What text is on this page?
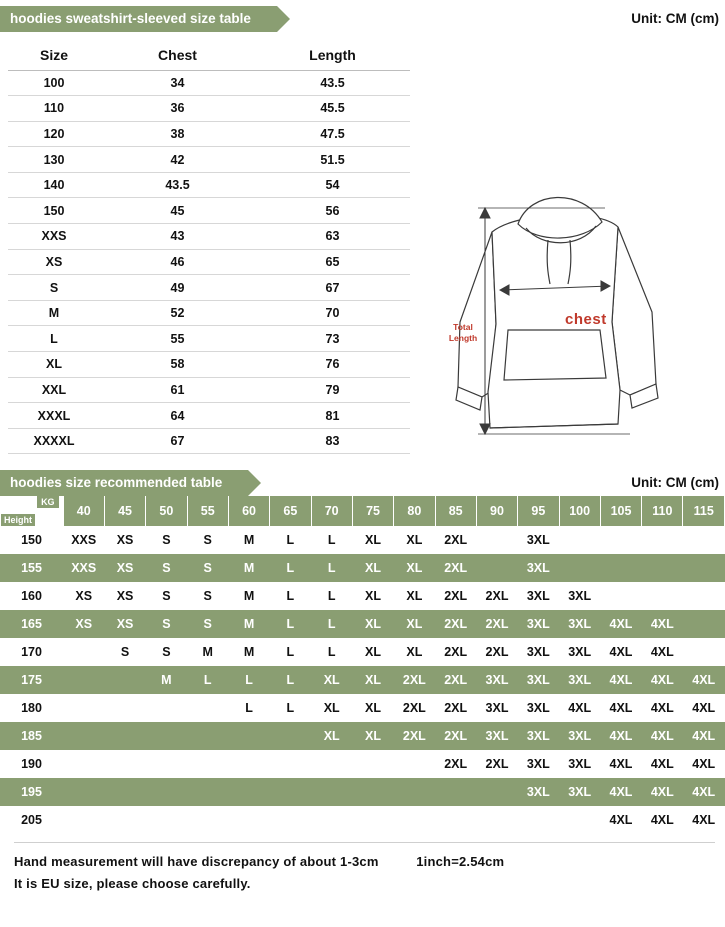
hoodies sweatshirt-sleeved size table	Unit: CM (cm)
Size	Chest	Length
100	34	43.5
110	36	45.5
120	38	47.5
130	42	51.5
140	43.5	54
150	45	56
XXS	43	63
XS	46	65
S	49	67
M	52	70
L	55	73
XL	58	76
XXL	61	79
XXXL	64	81
XXXXL	67	83
chest
Total
Length
hoodies size recommended table	Unit: CM (cm)
KG
Height	40	45	50	55	60	65	70	75	80	85	90	95	100	105	110	115
150	XXS	XS	S	S	M	L	L	XL	XL	2XL		3XL				
155	XXS	XS	S	S	M	L	L	XL	XL	2XL		3XL				
160	XS	XS	S	S	M	L	L	XL	XL	2XL	2XL	3XL	3XL			
165	XS	XS	S	S	M	L	L	XL	XL	2XL	2XL	3XL	3XL	4XL	4XL	
170		S	S	M	M	L	L	XL	XL	2XL	2XL	3XL	3XL	4XL	4XL	
175			M	L	L	L	XL	XL	2XL	2XL	3XL	3XL	3XL	4XL	4XL	4XL
180					L	L	XL	XL	2XL	2XL	3XL	3XL	4XL	4XL	4XL	4XL
185							XL	XL	2XL	2XL	3XL	3XL	3XL	4XL	4XL	4XL
190										2XL	2XL	3XL	3XL	4XL	4XL	4XL
195												3XL	3XL	4XL	4XL	4XL
205														4XL	4XL	4XL
Hand measurement will have discrepancy of about 1-3cm	1inch=2.54cm
It is EU size, please choose carefully.
